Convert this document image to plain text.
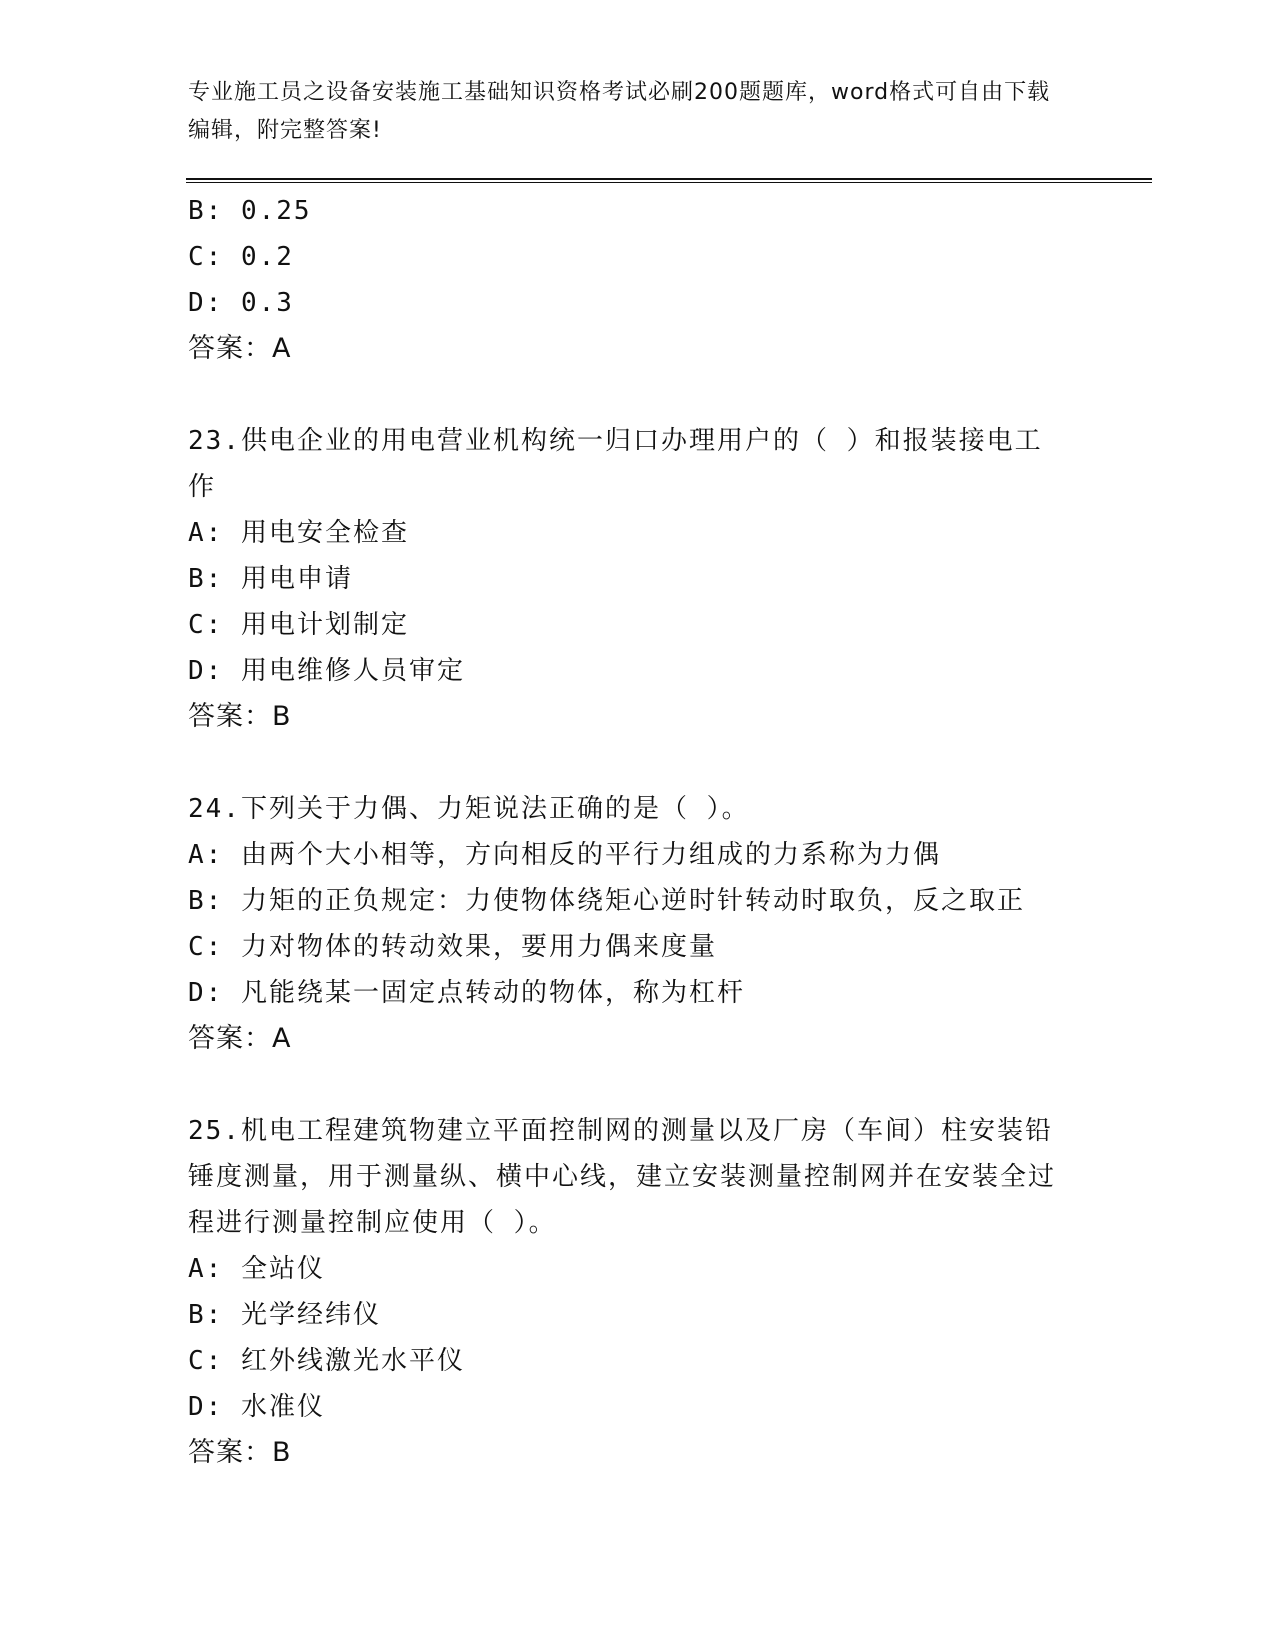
专业施工员之设备安装施工基础知识资格考试必刷200题题库，word格式可自由下载编辑，附完整答案!
B: 0.25
C: 0.2
D: 0.3
答案：A
23.供电企业的用电营业机构统一归口办理用户的（ ）和报装接电工作
A: 用电安全检查
B: 用电申请
C: 用电计划制定
D: 用电维修人员审定
答案：B
24.下列关于力偶、力矩说法正确的是（ ）。
A: 由两个大小相等，方向相反的平行力组成的力系称为力偶
B: 力矩的正负规定：力使物体绕矩心逆时针转动时取负，反之取正
C: 力对物体的转动效果，要用力偶来度量
D: 凡能绕某一固定点转动的物体，称为杠杆
答案：A
25.机电工程建筑物建立平面控制网的测量以及厂房（车间）柱安装铅锤度测量，用于测量纵、横中心线，建立安装测量控制网并在安装全过程进行测量控制应使用（ ）。
A: 全站仪
B: 光学经纬仪
C: 红外线激光水平仪
D: 水准仪
答案：B
